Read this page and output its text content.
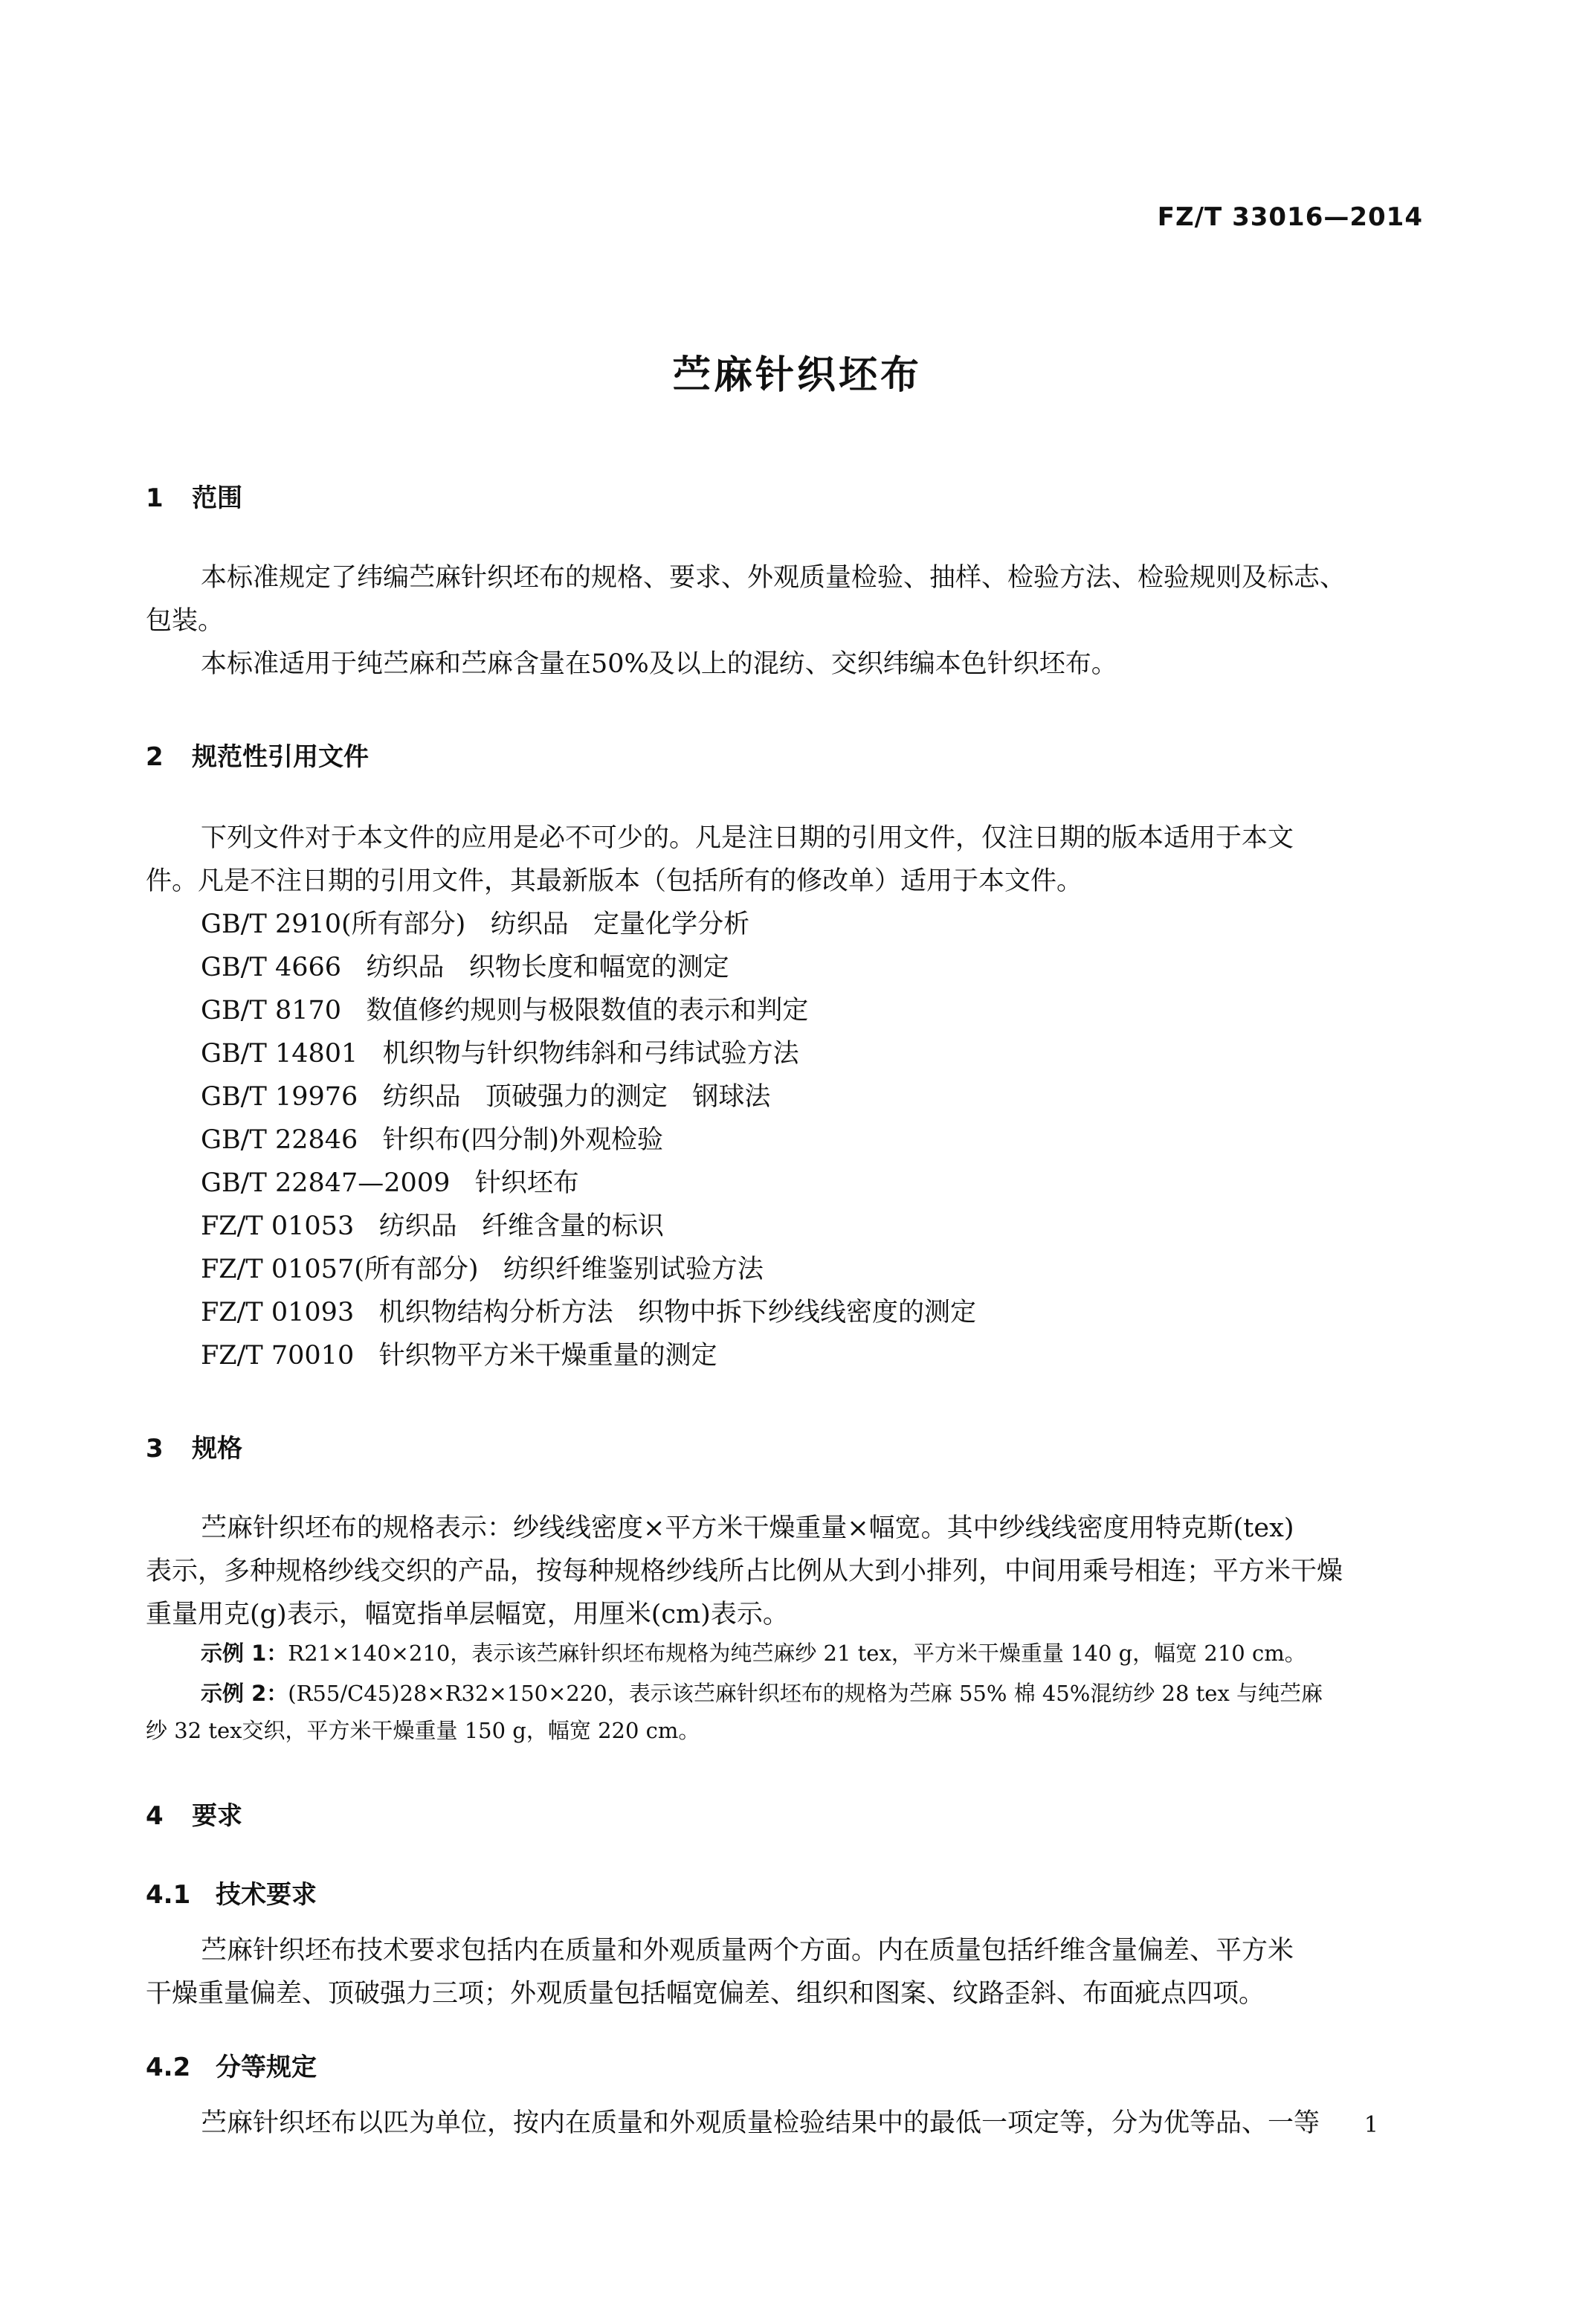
FZ/T 33016—2014
苎麻针织坯布
1 范围
本标准规定了纬编苎麻针织坯布的规格、要求、外观质量检验、抽样、检验方法、检验规则及标志、
包装。
本标准适用于纯苎麻和苎麻含量在50%及以上的混纺、交织纬编本色针织坯布。
2 规范性引用文件
下列文件对于本文件的应用是必不可少的。凡是注日期的引用文件，仅注日期的版本适用于本文
件。凡是不注日期的引用文件，其最新版本（包括所有的修改单）适用于本文件。
GB/T 2910(所有部分)   纺织品   定量化学分析
GB/T 4666   纺织品   织物长度和幅宽的测定
GB/T 8170   数值修约规则与极限数值的表示和判定
GB/T 14801   机织物与针织物纬斜和弓纬试验方法
GB/T 19976   纺织品   顶破强力的测定   钢球法
GB/T 22846   针织布(四分制)外观检验
GB/T 22847—2009   针织坯布
FZ/T 01053   纺织品   纤维含量的标识
FZ/T 01057(所有部分)   纺织纤维鉴别试验方法
FZ/T 01093   机织物结构分析方法   织物中拆下纱线线密度的测定
FZ/T 70010   针织物平方米干燥重量的测定
3 规格
苎麻针织坯布的规格表示：纱线线密度×平方米干燥重量×幅宽。其中纱线线密度用特克斯(tex)
表示，多种规格纱线交织的产品，按每种规格纱线所占比例从大到小排列，中间用乘号相连；平方米干燥
重量用克(g)表示，幅宽指单层幅宽，用厘米(cm)表示。
示例 1：R21×140×210，表示该苎麻针织坯布规格为纯苎麻纱 21 tex，平方米干燥重量 140 g，幅宽 210 cm。
示例 2：(R55/C45)28×R32×150×220，表示该苎麻针织坯布的规格为苎麻 55% 棉 45%混纺纱 28 tex 与纯苎麻
纱 32 tex交织，平方米干燥重量 150 g，幅宽 220 cm。
4 要求
4.1 技术要求
苎麻针织坯布技术要求包括内在质量和外观质量两个方面。内在质量包括纤维含量偏差、平方米
干燥重量偏差、顶破强力三项；外观质量包括幅宽偏差、组织和图案、纹路歪斜、布面疵点四项。
4.2 分等规定
苎麻针织坯布以匹为单位，按内在质量和外观质量检验结果中的最低一项定等，分为优等品、一等	1
